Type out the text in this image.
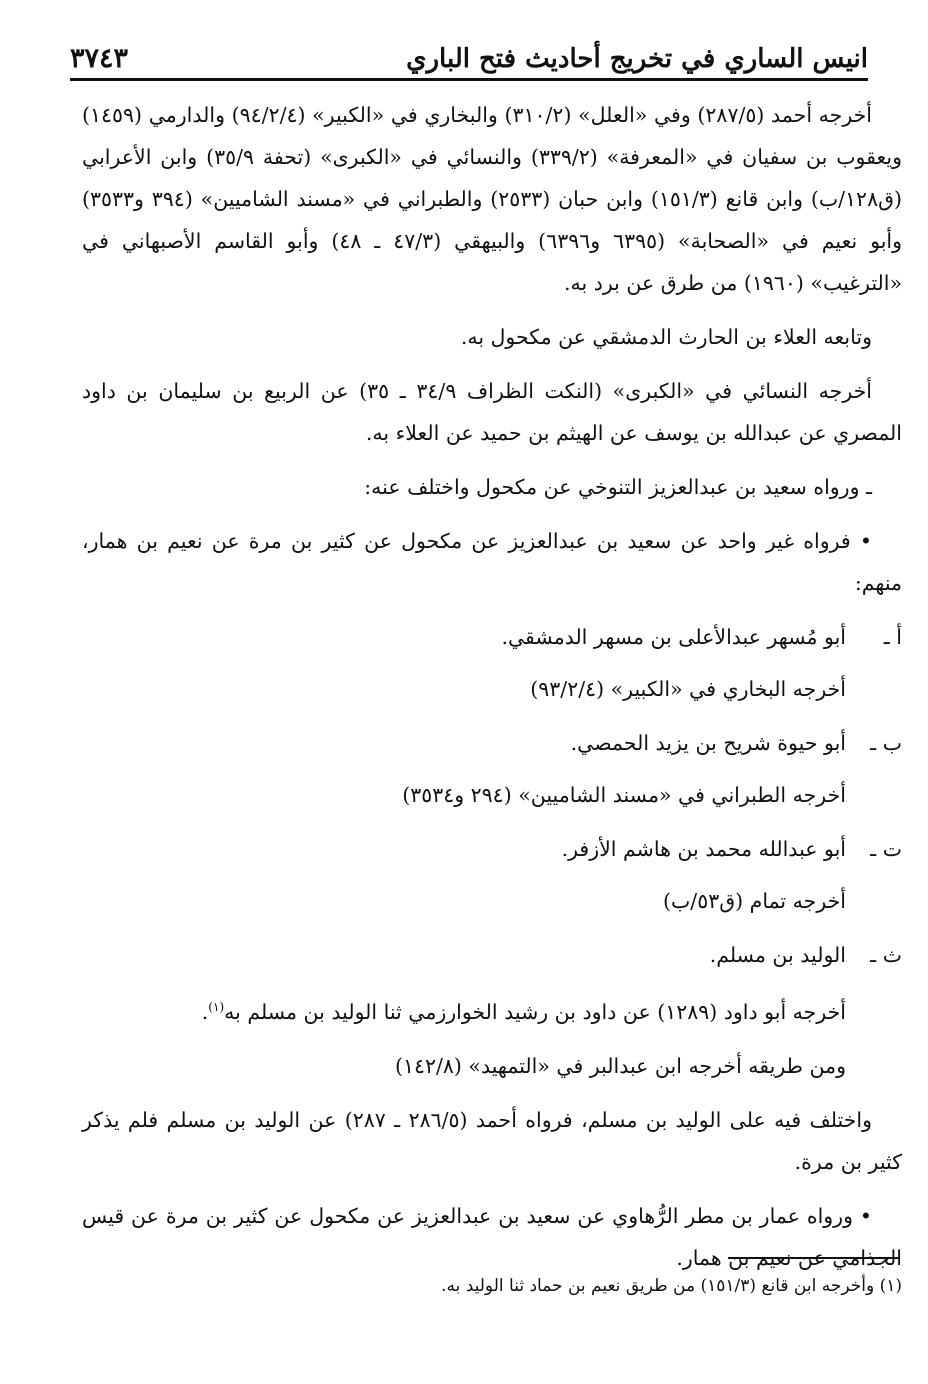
٣٧٤٣	انيس الساري في تخريج أحاديث فتح الباري

أخرجه أحمد (٢٨٧/٥) وفي «العلل» (٣١٠/٢) والبخاري في «الكبير» (٩٤/٢/٤) والدارمي (١٤٥٩) ويعقوب بن سفيان في «المعرفة» (٣٣٩/٢) والنسائي في «الكبرى» (تحفة ٣٥/٩) وابن الأعرابي (ق١٢٨/ب) وابن قانع (١٥١/٣) وابن حبان (٢٥٣٣) والطبراني في «مسند الشاميين» (٣٩٤ و٣٥٣٣) وأبو نعيم في «الصحابة» (٦٣٩٥ و٦٣٩٦) والبيهقي (٤٧/٣ ـ ٤٨) وأبو القاسم الأصبهاني في «الترغيب» (١٩٦٠) من طرق عن برد به.

وتابعه العلاء بن الحارث الدمشقي عن مكحول به.

أخرجه النسائي في «الكبرى» (النكت الظراف ٣٤/٩ ـ ٣٥) عن الربيع بن سليمان بن داود المصري عن عبدالله بن يوسف عن الهيثم بن حميد عن العلاء به.

ـ ورواه سعيد بن عبدالعزيز التنوخي عن مكحول واختلف عنه:

• فرواه غير واحد عن سعيد بن عبدالعزيز عن مكحول عن كثير بن مرة عن نعيم بن همار، منهم:

أ ـ
أبو مُسهر عبدالأعلى بن مسهر الدمشقي.

أخرجه البخاري في «الكبير» (٩٣/٢/٤)

ب ـ
أبو حيوة شريح بن يزيد الحمصي.

أخرجه الطبراني في «مسند الشاميين» (٢٩٤ و٣٥٣٤)

ت ـ
أبو عبدالله محمد بن هاشم الأزفر.

أخرجه تمام (ق٥٣/ب)

ث ـ
الوليد بن مسلم.

أخرجه أبو داود (١٢٨٩) عن داود بن رشيد الخوارزمي ثنا الوليد بن مسلم به$^{(١)}$.

ومن طريقه أخرجه ابن عبدالبر في «التمهيد» (١٤٢/٨)

واختلف فيه على الوليد بن مسلم، فرواه أحمد (٢٨٦/٥ ـ ٢٨٧) عن الوليد بن مسلم فلم يذكر كثير بن مرة.

• ورواه عمار بن مطر الرُّهاوي عن سعيد بن عبدالعزيز عن مكحول عن كثير بن مرة عن قيس الجذامي عن نعيم بن همار.

(١) وأخرجه ابن قانع (١٥١/٣) من طريق نعيم بن حماد ثنا الوليد به.
